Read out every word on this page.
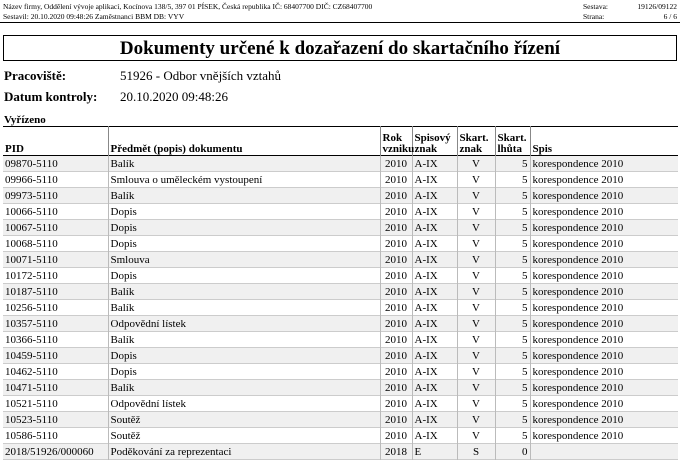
Název firmy, Oddělení vývoje aplikací, Kocínova 138/5, 397 01 PÍSEK, Česká republika IČ: 68407700 DIČ: CZ68407700
Sestavil: 20.10.2020 09:48:26 Zaměstnanci BBM DB: VYV
Sestava:	19126/09122
Strana:	6 / 6
Dokumenty určené k dozařazení do skartačního řízení
Pracoviště:	51926 - Odbor vnějších vztahů
Datum kontroly: 20.10.2020 09:48:26
Vyřízeno
PID	Předmět (popis) dokumentu	Rok vzniku	Spisový znak	Skart. znak	Skart. lhůta	Spis
09870-5110	Balík	2010	A-IX	V	5	korespondence 2010
09966-5110	Smlouva o uměleckém vystoupení	2010	A-IX	V	5	korespondence 2010
09973-5110	Balík	2010	A-IX	V	5	korespondence 2010
10066-5110	Dopis	2010	A-IX	V	5	korespondence 2010
10067-5110	Dopis	2010	A-IX	V	5	korespondence 2010
10068-5110	Dopis	2010	A-IX	V	5	korespondence 2010
10071-5110	Smlouva	2010	A-IX	V	5	korespondence 2010
10172-5110	Dopis	2010	A-IX	V	5	korespondence 2010
10187-5110	Balík	2010	A-IX	V	5	korespondence 2010
10256-5110	Balík	2010	A-IX	V	5	korespondence 2010
10357-5110	Odpovědní lístek	2010	A-IX	V	5	korespondence 2010
10366-5110	Balík	2010	A-IX	V	5	korespondence 2010
10459-5110	Dopis	2010	A-IX	V	5	korespondence 2010
10462-5110	Dopis	2010	A-IX	V	5	korespondence 2010
10471-5110	Balík	2010	A-IX	V	5	korespondence 2010
10521-5110	Odpovědní lístek	2010	A-IX	V	5	korespondence 2010
10523-5110	Soutěž	2010	A-IX	V	5	korespondence 2010
10586-5110	Soutěž	2010	A-IX	V	5	korespondence 2010
2018/51926/000060	Poděkování za reprezentaci	2018	E	S	0	
